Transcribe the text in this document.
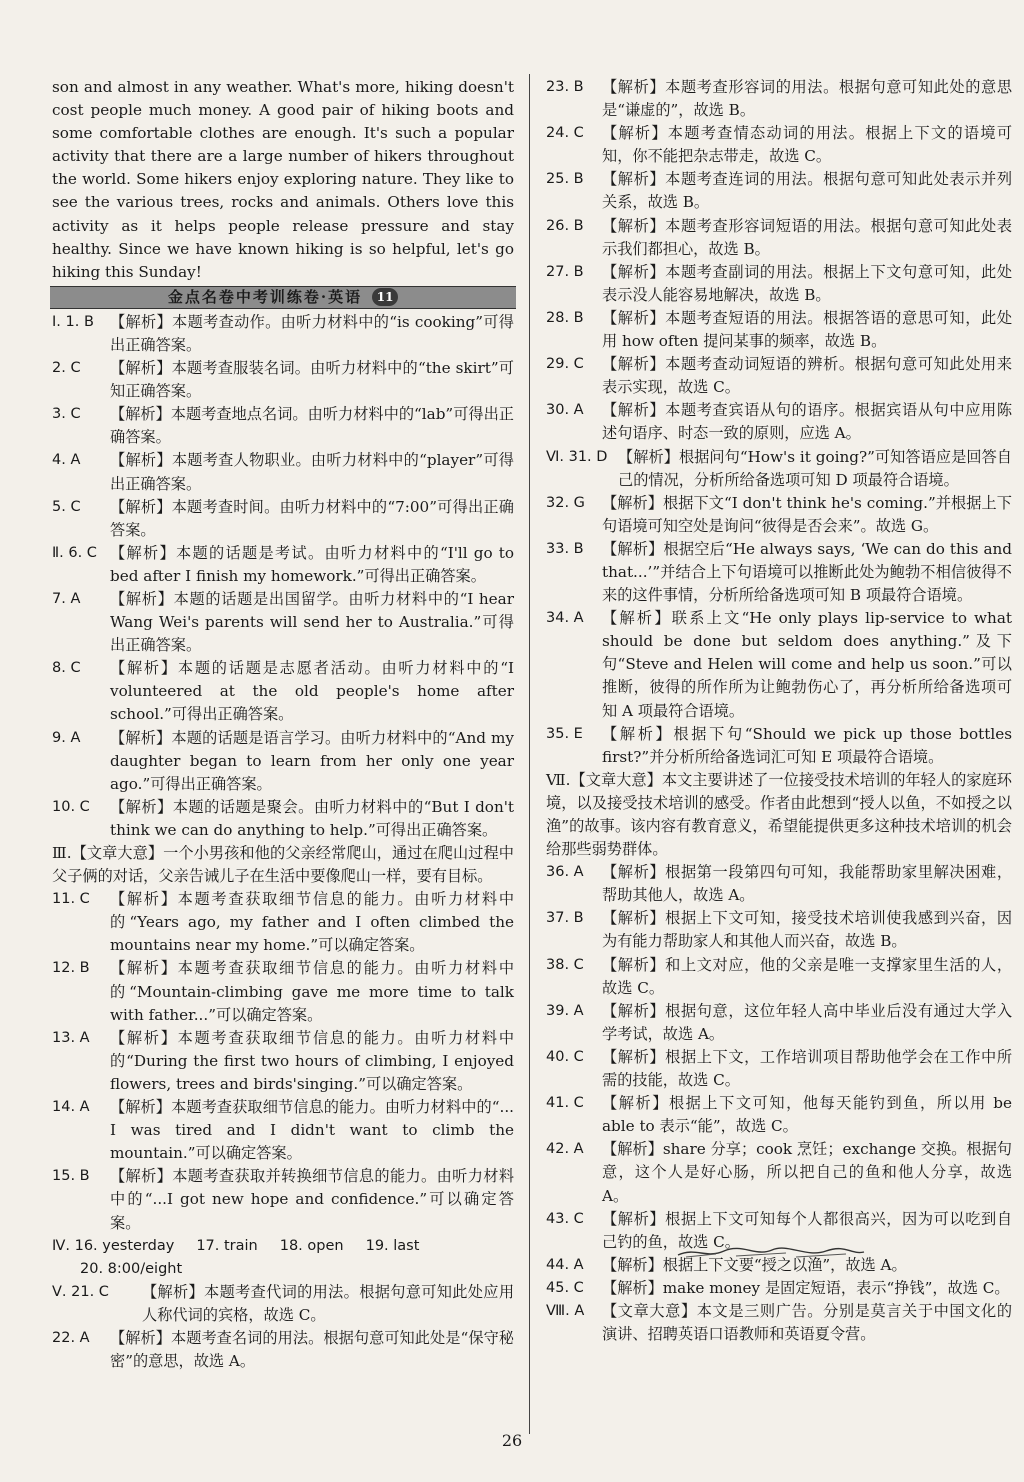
son and almost in any weather. What's more, hiking doesn't cost people much money. A good pair of hiking boots and some comfortable clothes are enough. It's such a popular activity that there are a large number of hikers throughout the world. Some hikers enjoy exploring nature. They like to see the various trees, rocks and animals. Others love this activity as it helps people release pressure and stay healthy. Since we have known hiking is so helpful, let's go hiking this Sunday!
金点名卷中考训练卷·英语 11
Ⅰ. 1. B	【解析】本题考查动作。由听力材料中的“is cooking”可得出正确答案。
2. C	【解析】本题考查服装名词。由听力材料中的“the skirt”可知正确答案。
3. C	【解析】本题考查地点名词。由听力材料中的“lab”可得出正确答案。
4. A	【解析】本题考查人物职业。由听力材料中的“player”可得出正确答案。
5. C	【解析】本题考查时间。由听力材料中的“7:00”可得出正确答案。
Ⅱ. 6. C 【解析】本题的话题是考试。由听力材料中的“I'll go to bed after I finish my homework.”可得出正确答案。
7. A	【解析】本题的话题是出国留学。由听力材料中的“I hear Wang Wei's parents will send her to Australia.”可得出正确答案。
8. C	【解析】本题的话题是志愿者活动。由听力材料中的“I volunteered at the old people's home after school.”可得出正确答案。
9. A	【解析】本题的话题是语言学习。由听力材料中的“And my daughter began to learn from her only one year ago.”可得出正确答案。
10. C	【解析】本题的话题是聚会。由听力材料中的“But I don't think we can do anything to help.”可得出正确答案。
Ⅲ.【文章大意】一个小男孩和他的父亲经常爬山，通过在爬山过程中父子俩的对话，父亲告诫儿子在生活中要像爬山一样，要有目标。
11. C	【解析】本题考查获取细节信息的能力。由听力材料中的“Years ago, my father and I often climbed the mountains near my home.”可以确定答案。
12. B	【解析】本题考查获取细节信息的能力。由听力材料中的“Mountain-climbing gave me more time to talk with father...”可以确定答案。
13. A	【解析】本题考查获取细节信息的能力。由听力材料中的“During the first two hours of climbing, I enjoyed flowers, trees and birds'singing.”可以确定答案。
14. A	【解析】本题考查获取细节信息的能力。由听力材料中的“... I was tired and I didn't want to climb the mountain.”可以确定答案。
15. B	【解析】本题考查获取并转换细节信息的能力。由听力材料中的“...I got new hope and confidence.”可以确定答案。
Ⅳ. 16. yesterday 17. train 18. open 19. last
20. 8:00/eight
Ⅴ. 21. C	【解析】本题考查代词的用法。根据句意可知此处应用人称代词的宾格，故选 C。
22. A	【解析】本题考查名词的用法。根据句意可知此处是“保守秘密”的意思，故选 A。
23. B	【解析】本题考查形容词的用法。根据句意可知此处的意思是“谦虚的”，故选 B。
24. C	【解析】本题考查情态动词的用法。根据上下文的语境可知，你不能把杂志带走，故选 C。
25. B	【解析】本题考查连词的用法。根据句意可知此处表示并列关系，故选 B。
26. B	【解析】本题考查形容词短语的用法。根据句意可知此处表示我们都担心，故选 B。
27. B	【解析】本题考查副词的用法。根据上下文句意可知，此处表示没人能容易地解决，故选 B。
28. B	【解析】本题考查短语的用法。根据答语的意思可知，此处用 how often 提问某事的频率，故选 B。
29. C	【解析】本题考查动词短语的辨析。根据句意可知此处用来表示实现，故选 C。
30. A	【解析】本题考查宾语从句的语序。根据宾语从句中应用陈述句语序、时态一致的原则，应选 A。
Ⅵ. 31. D 【解析】根据问句“How's it going?”可知答语应是回答自己的情况，分析所给备选项可知 D 项最符合语境。
32. G	【解析】根据下文“I don't think he's coming.”并根据上下句语境可知空处是询问“彼得是否会来”。故选 G。
33. B	【解析】根据空后“He always says, ‘We can do this and that...’”并结合上下句语境可以推断此处为鲍勃不相信彼得不来的这件事情，分析所给备选项可知 B 项最符合语境。
34. A	【解析】联系上文“He only plays lip-service to what should be done but seldom does anything.”及下句“Steve and Helen will come and help us soon.”可以推断，彼得的所作所为让鲍勃伤心了，再分析所给备选项可知 A 项最符合语境。
35. E	【解析】根据下句“Should we pick up those bottles first?”并分析所给备选词汇可知 E 项最符合语境。
Ⅶ.【文章大意】本文主要讲述了一位接受技术培训的年轻人的家庭环境，以及接受技术培训的感受。作者由此想到“授人以鱼，不如授之以渔”的故事。该内容有教育意义，希望能提供更多这种技术培训的机会给那些弱势群体。
36. A	【解析】根据第一段第四句可知，我能帮助家里解决困难，帮助其他人，故选 A。
37. B	【解析】根据上下文可知，接受技术培训使我感到兴奋，因为有能力帮助家人和其他人而兴奋，故选 B。
38. C	【解析】和上文对应，他的父亲是唯一支撑家里生活的人，故选 C。
39. A	【解析】根据句意，这位年轻人高中毕业后没有通过大学入学考试，故选 A。
40. C	【解析】根据上下文，工作培训项目帮助他学会在工作中所需的技能，故选 C。
41. C	【解析】根据上下文可知，他每天能钓到鱼，所以用 be able to 表示“能”，故选 C。
42. A	【解析】share 分享；cook 烹饪；exchange 交换。根据句意，这个人是好心肠，所以把自己的鱼和他人分享，故选 A。
43. C	【解析】根据上下文可知每个人都很高兴，因为可以吃到自己钓的鱼，故选 C。
44. A	【解析】根据上下文要“授之以渔”，故选 A。
45. C	【解析】make money 是固定短语，表示“挣钱”，故选 C。
Ⅷ. A	【文章大意】本文是三则广告。分别是莫言关于中国文化的演讲、招聘英语口语教师和英语夏令营。
26
